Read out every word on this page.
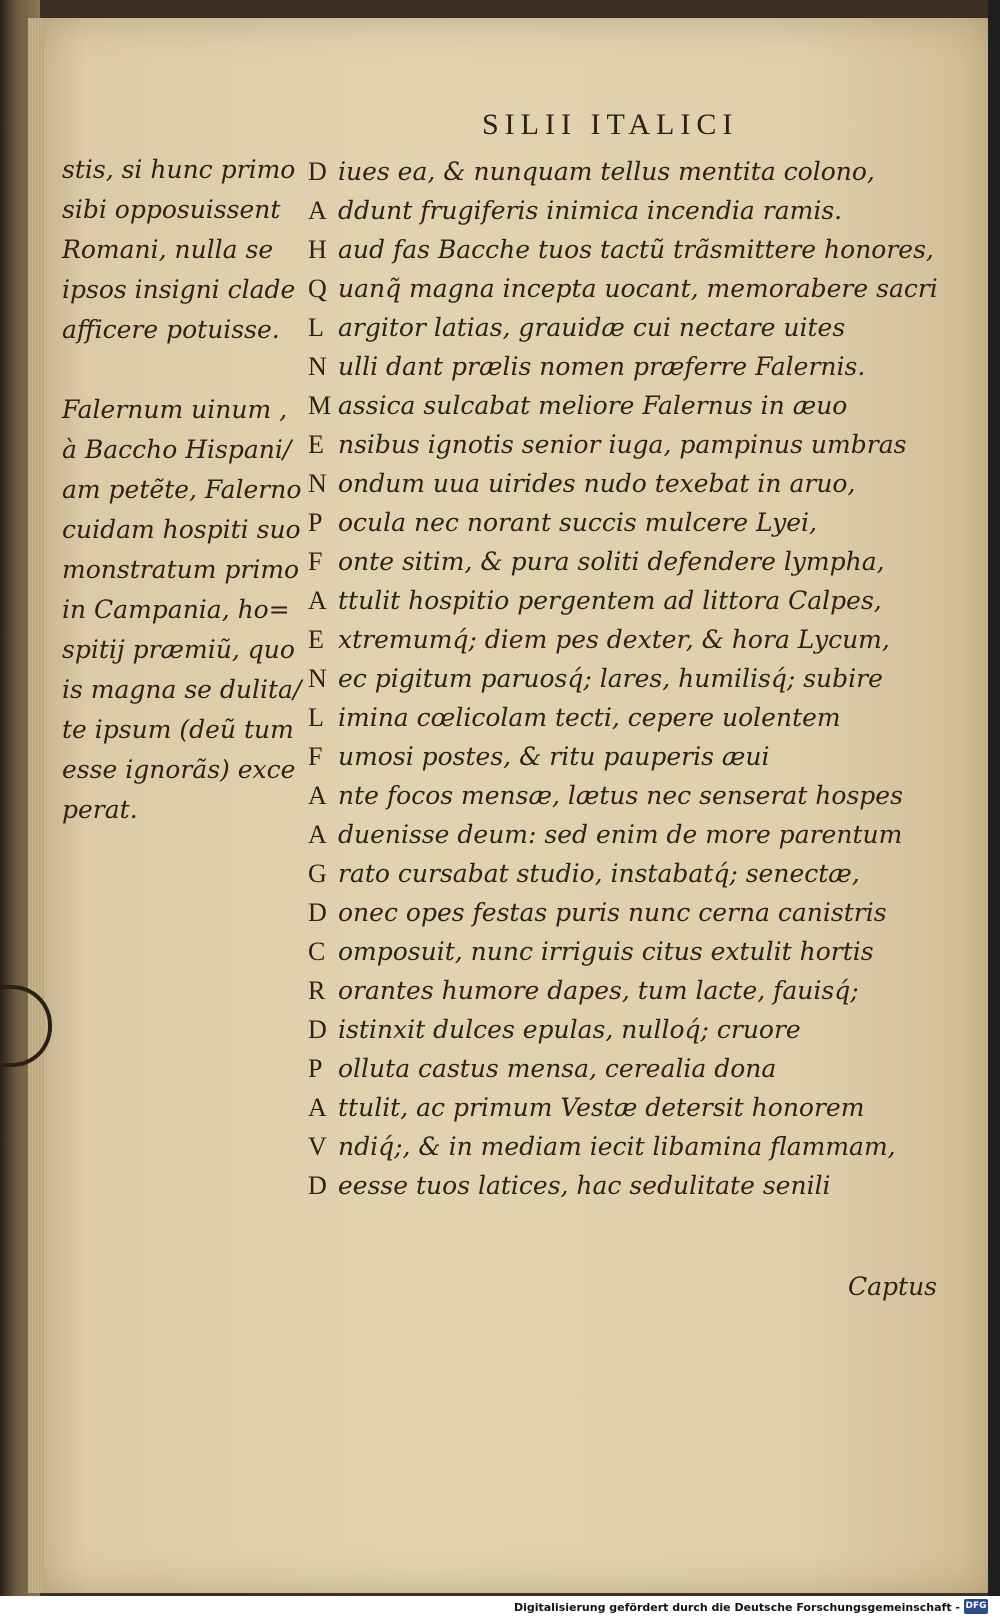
SILII ITALICI
stis, si hunc primo
sibi opposuissent
Romani, nulla se
ipsos insigni clade
afficere potuisse.
Falernum uinum ,
à Baccho Hispani/
am petẽte, Falerno
cuidam hospiti suo
monstratum primo
in Campania, ho=
spitij præmiũ, quo
is magna se dulita/
te ipsum (deũ tum
esse ignorãs) exce
perat.
D iues ea, & nunquam tellus mentita colono,
A ddunt frugiferis inimica incendia ramis.
H aud fas Bacche tuos tactũ trãsmittere honores,
Q uanq̃ magna incepta uocant, memorabere sacri
L argitor latias, grauidæ cui nectare uites
N ulli dant prælis nomen præferre Falernis.
M assica sulcabat meliore Falernus in æuo
E nsibus ignotis senior iuga, pampinus umbras
N ondum uua uirides nudo texebat in aruo,
P ocula nec norant succis mulcere Lyei,
F onte sitim, & pura soliti defendere lympha,
A ttulit hospitio pergentem ad littora Calpes,
E xtremumq́; diem pes dexter, & hora Lycum,
N ec pigitum paruosq́; lares, humilisq́; subire
L imina cœlicolam tecti, cepere uolentem
F umosi postes, & ritu pauperis æui
A nte focos mensæ, lætus nec senserat hospes
A duenisse deum: sed enim de more parentum
G rato cursabat studio, instabatq́; senectæ,
D onec opes festas puris nunc cerna canistris
C omposuit, nunc irriguis citus extulit hortis
R orantes humore dapes, tum lacte, fauisq́;
D istinxit dulces epulas, nulloq́; cruore
P olluta castus mensa, cerealia dona
A ttulit, ac primum Vestæ detersit honorem
V ndiq́;, & in mediam iecit libamina flammam,
D eesse tuos latices, hac sedulitate senili
Captus
Digitalisierung gefördert durch die Deutsche Forschungsgemeinschaft - DFG
